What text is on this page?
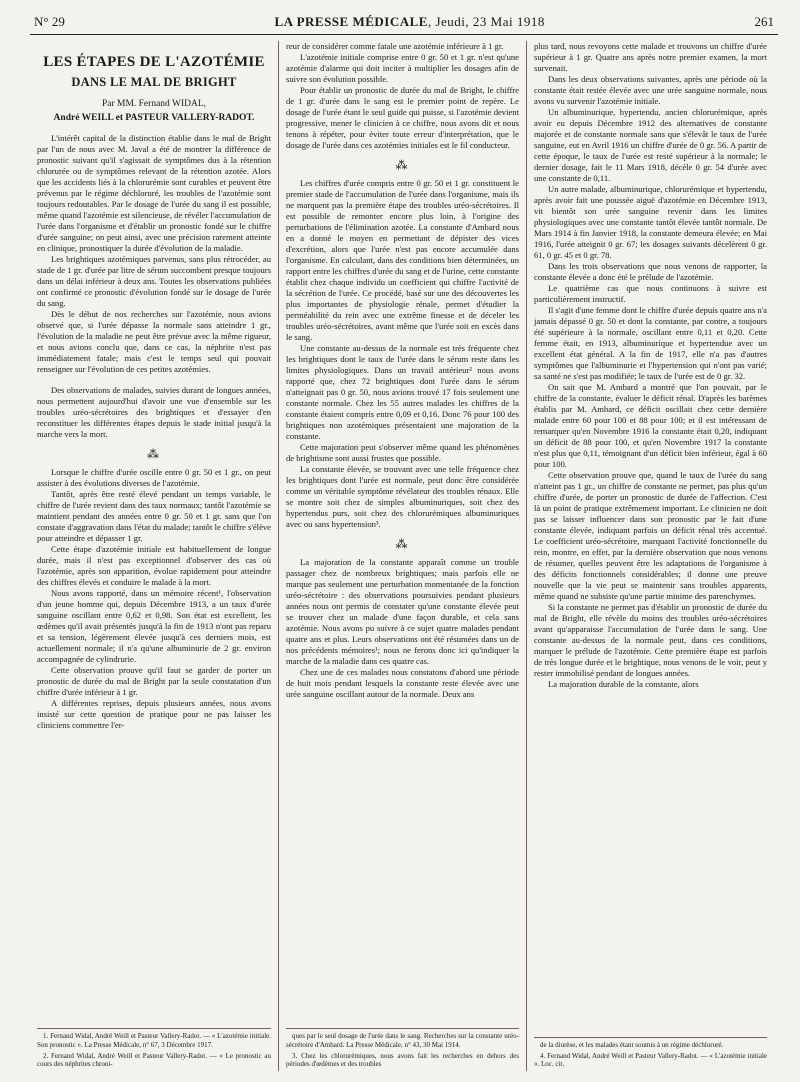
N° 29	LA PRESSE MÉDICALE, Jeudi, 23 Mai 1918	261
LES ÉTAPES DE L'AZOTÉMIE
DANS LE MAL DE BRIGHT
Par MM. Fernand WIDAL,
André WEILL et PASTEUR VALLERY-RADOT.

L'intérêt capital de la distinction établie dans le mal de Bright par l'un de nous avec M. Javal a été de montrer la différence de pronostic suivant qu'il s'agissait de symptômes dus à la rétention chlorurée ou de symptômes relevant de la rétention azotée. Alors que les accidents liés à la chlorurémie sont curables et peuvent être prévenus par le régime déchloruré, les troubles de l'azotémie sont toujours redoutables. Par le dosage de l'urée du sang il est possible, même quand l'azotémie est silencieuse, de révéler l'accumulation de l'urée dans l'organisme et d'établir un pronostic fondé sur le chiffre d'urée sanguine; on peut ainsi, avec une précision rarement atteinte en clinique, pronostiquer la durée d'évolution de la maladie.

Les brightiques azotémiques parvenus, sans plus rétrocéder, au stade de 1 gr. d'urée par litre de sérum succombent presque toujours dans un délai inférieur à deux ans. Toutes les observations publiées ont confirmé ce pronostic d'évolution fondé sur le dosage de l'urée du sang.

Dès le début de nos recherches sur l'azotémie, nous avions observé que, si l'urée dépasse la normale sans atteindre 1 gr., l'évolution de la maladie ne peut être prévue avec la même rigueur, et nous avions conclu que, dans ce cas, la néphrite n'est pas immédiatement fatale; mais c'est le temps seul qui pouvait renseigner sur l'évolution de ces petites azotémies.

Des observations de malades, suivies durant de longues années, nous permettent aujourd'hui d'avoir une vue d'ensemble sur les troubles uréo-sécrétoires des brightiques et d'essayer d'en reconstituer les différentes étapes depuis le stade initial jusqu'à la marche vers la mort.

⁂

Lorsque le chiffre d'urée oscille entre 0 gr. 50 et 1 gr., on peut assister à des évolutions diverses de l'azotémie.

Tantôt, après être resté élevé pendant un temps variable, le chiffre de l'urée revient dans des taux normaux; tantôt l'azotémie se maintient pendant des années entre 0 gr. 50 et 1 gr. sans que l'on constate d'aggravation dans l'état du malade; tantôt le chiffre s'élève pour atteindre et dépasser 1 gr.

Cette étape d'azotémie initiale est habituellement de longue durée, mais il n'est pas exceptionnel d'observer des cas où l'azotémie, après son apparition, évolue rapidement pour atteindre des chiffres élevés et conduire le malade à la mort.

Nous avons rapporté, dans un mémoire récent¹, l'observation d'un jeune homme qui, depuis Décembre 1913, a un taux d'urée sanguine oscillant entre 0,62 et 0,98. Son état est excellent, les œdèmes qu'il avait présentés jusqu'à la fin de 1913 n'ont pas reparu et sa tension, légèrement élevée jusqu'à ces derniers mois, est actuellement normale; il n'a qu'une albuminurie de 2 gr. environ accompagnée de cylindrurie.

Cette observation prouve qu'il faut se garder de porter un pronostic de durée du mal de Bright par la seule constatation d'un chiffre d'urée inférieur à 1 gr.

A différentes reprises, depuis plusieurs années, nous avons insisté sur cette question de pratique pour ne pas laisser les cliniciens commettre l'er-

1. Fernand Widal, André Weill et Pasteur Vallery-Radot. — « L'azotémie initiale. Son pronostic ». La Presse Médicale, n° 67, 3 Décembre 1917.

2. Fernand Widal, André Weill et Pasteur Vallery-Radot. — « Le pronostic au cours des néphrites chroni-

reur de considérer comme fatale une azotémie inférieure à 1 gr.

L'azotémie initiale comprise entre 0 gr. 50 et 1 gr. n'est qu'une azotémie d'alarme qui doit inciter à multiplier les dosages afin de suivre son évolution possible.

Pour établir un pronostic de durée du mal de Bright, le chiffre de 1 gr. d'urée dans le sang est le premier point de repère. Le dosage de l'urée étant le seul guide qui puisse, si l'azotémie devient progressive, mener le clinicien à ce chiffre, nous avons dit et nous tenons à répéter, pour éviter toute erreur d'interprétation, que le dosage de l'urée dans ces azotémies initiales est le fil conducteur.

⁂

Les chiffres d'urée compris entre 0 gr. 50 et 1 gr. constituent le premier stade de l'accumulation de l'urée dans l'organisme, mais ils ne marquent pas la première étape des troubles uréo-sécrétoires. Il est possible de remonter encore plus loin, à l'origine des perturbations de l'élimination azotée. La constante d'Ambard nous en a donné le moyen en permettant de dépister des vices d'excrétion, alors que l'urée n'est pas encore accumulée dans l'organisme. En calculant, dans des conditions bien déterminées, un rapport entre les chiffres d'urée du sang et de l'urine, cette constante établit chez chaque individu un coefficient qui chiffre l'activité de la sécrétion de l'urée. Ce procédé, basé sur une des découvertes les plus importantes de physiologie rénale, permet d'étudier la perméabilité du rein avec une extrême finesse et de déceler les troubles uréo-sécrétoires, avant même que l'urée soit en excès dans le sang.

Une constante au-dessus de la normale est très fréquente chez les brightiques dont le taux de l'urée dans le sérum reste dans les limites physiologiques. Dans un travail antérieur² nous avons rapporté que, chez 72 brightiques dont l'urée dans le sérum n'atteignait pas 0 gr. 50, nous avions trouvé 17 fois seulement une constante normale. Chez les 55 autres malades les chiffres de la constante étaient compris entre 0,09 et 0,16. Donc 76 pour 100 des brightiques non azotémiques présentaient une majoration de la constante.

Cette majoration peut s'observer même quand les phénomènes de brightisme sont aussi frustes que possible.

La constante élevée, se trouvant avec une telle fréquence chez les brightiques dont l'urée est normale, peut donc être considérée comme un véritable symptôme révélateur des troubles rénaux. Elle se montre soit chez de simples albuminuriques, soit chez des hypertendus purs, soit chez des chlorurémiques albuminuriques avec ou sans hypertension³.

⁂

La majoration de la constante apparaît comme un trouble passager chez de nombreux brightiques; mais parfois elle ne marque pas seulement une perturbation momentanée de la fonction uréo-sécrétoire : des observations poursuivies pendant plusieurs années nous ont permis de constater qu'une constante élevée peut se trouver chez un malade d'une façon durable, et cela sans azotémie. Nous avons pu suivre à ce sujet quatre malades pendant quatre ans et plus. Leurs observations ont été résumées dans un de nos précédents mémoires¹; nous ne ferons donc ici qu'indiquer la marche de la maladie dans ces quatre cas.

Chez une de ces malades nous constatons d'abord une période de huit mois pendant lesquels la constante reste élevée avec une urée sanguine oscillant autour de la normale. Deux ans

ques par le seul dosage de l'urée dans le sang. Recherches sur la constante uréo-sécrétoire d'Ambard. La Presse Médicale, n° 43, 30 Mai 1914.

3. Chez les chlorurémiques, nous avons fait les recherches en dehors des périodes d'œdèmes et des troubles

plus tard, nous revoyons cette malade et trouvons un chiffre d'urée supérieur à 1 gr. Quatre ans après notre premier examen, la mort survenait.

Dans les deux observations suivantes, après une période où la constante était restée élevée avec une urée sanguine normale, nous avons vu survenir l'azotémie initiale.

Un albuminurique, hypertendu, ancien chlorurémique, après avoir eu depuis Décembre 1912 des alternatives de constante majorée et de constante normale sans que s'élevât le taux de l'urée sanguine, eut en Avril 1916 un chiffre d'urée de 0 gr. 56. A partir de cette époque, le taux de l'urée est resté supérieur à la normale; le dernier dosage, fait le 11 Mars 1918, décèle 0 gr. 54 d'urée avec une constante de 0,11.

Un autre malade, albuminurique, chlorurémique et hypertendu, après avoir fait une poussée aiguë d'azotémie en Décembre 1913, vit bientôt son urée sanguine revenir dans les limites physiologiques avec une constante tantôt élevée tantôt normale. De Mars 1914 à fin Janvier 1918, la constante demeura élevée; en Mai 1916, l'urée atteignit 0 gr. 67; les dosages suivants décelèrent 0 gr. 61, 0 gr. 45 et 0 gr. 78.

Dans les trois observations que nous venons de rapporter, la constante élevée a donc été le prélude de l'azotémie.

Le quatrième cas que nous continuons à suivre est particulièrement instructif.

Il s'agit d'une femme dont le chiffre d'urée depuis quatre ans n'a jamais dépassé 0 gr. 50 et dont la constante, par contre, a toujours été supérieure à la normale, oscillant entre 0,11 et 0,20. Cette femme était, en 1913, albuminurique et hypertendue avec un excellent état général. A la fin de 1917, elle n'a pas d'autres symptômes que l'albuminurie et l'hypertension qui n'ont pas varié; sa santé ne s'est pas modifiée; le taux de l'urée est de 0 gr. 32.

On sait que M. Ambard a montré que l'on pouvait, par le chiffre de la constante, évaluer le déficit rénal. D'après les barèmes établis par M. Ambard, ce déficit oscillait chez cette dernière malade entre 60 pour 100 et 88 pour 100; et il est intéressant de remarquer qu'en Novembre 1916 la constante était 0,20, indiquant un déficit de 88 pour 100, et qu'en Novembre 1917 la constante n'est plus que 0,11, témoignant d'un déficit bien inférieur, égal à 60 pour 100.

Cette observation prouve que, quand le taux de l'urée du sang n'atteint pas 1 gr., un chiffre de constante ne permet, pas plus qu'un chiffre d'urée, de porter un pronostic de durée de l'affection. C'est là un point de pratique extrêmement important. Le clinicien ne doit pas se laisser influencer dans son pronostic par le fait d'une constante élevée, indiquant parfois un déficit rénal très accentué. Le coefficient uréo-sécrétoire, marquant l'activité fonctionnelle du rein, montre, en effet, par la dernière observation que nous venons de résumer, quelles peuvent être les adaptations de l'organisme à des déficits fonctionnels considérables; il donne une preuve nouvelle que la vie peut se maintenir sans troubles apparents, même quand ne subsiste qu'une partie minime des parenchymes.

Si la constante ne permet pas d'établir un pronostic de durée du mal de Bright, elle révèle du moins des troubles uréo-sécrétoires avant qu'apparaisse l'accumulation de l'urée dans le sang. Une constante au-dessus de la normale peut, dans ces conditions, marquer le prélude de l'azotémie. Cette première étape est parfois de très longue durée et le brightique, nous venons de le voir, peut y rester immobilisé pendant de longues années.

La majoration durable de la constante, alors

de la diurèse, et les malades étant soumis à un régime déchloruré.

4. Fernand Widal, André Weill et Pasteur Vallery-Radot. — « L'azotémie initiale ». Loc. cit.
